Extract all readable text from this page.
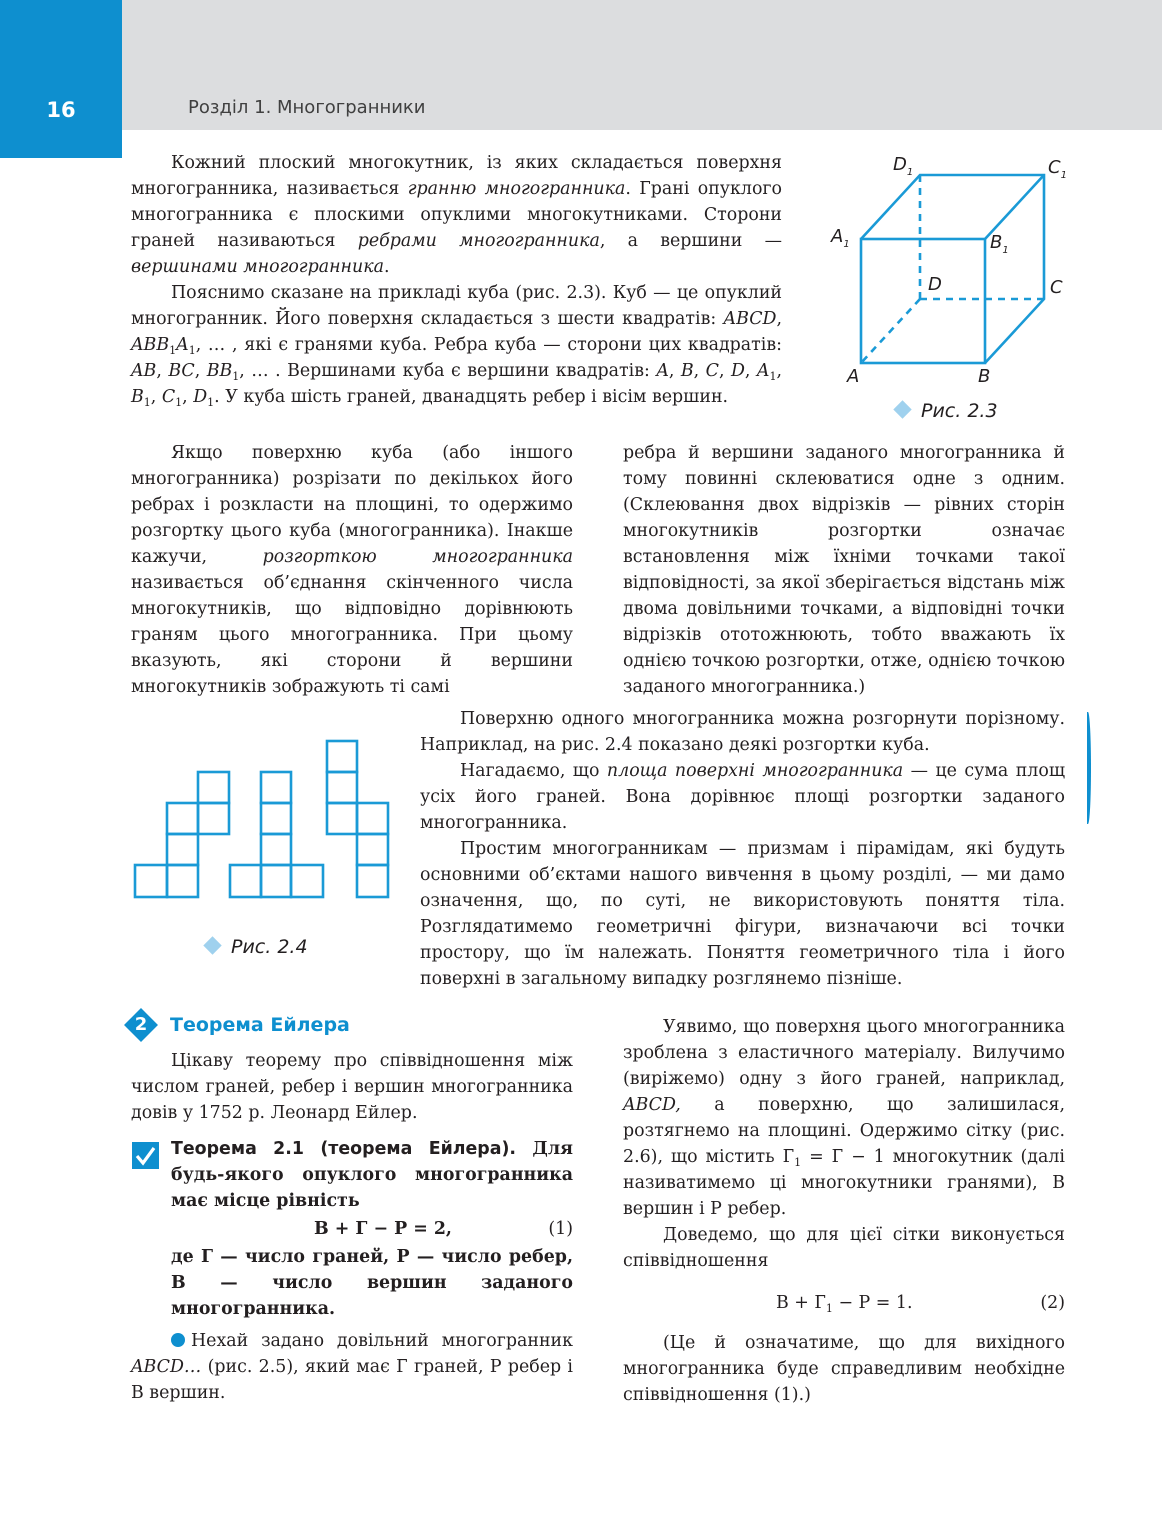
16	Розділ 1. Многогранники

Кожний плоский многокутник, із яких складається поверхня многогранника, називається гранню многогранника. Грані опуклого многогранника є плоскими опуклими многокутниками. Сторони граней називаються ребрами многогранника, а вершини — вершинами многогранника.

Пояснимо сказане на прикладі куба (рис. 2.3). Куб — це опуклий многогранник. Його поверхня складається з шести квадратів: ABCD, $ABB_1A_1$, … , які є гранями куба. Ребра куба — сторони цих квадратів: AB, BC, $BB_1$, … . Вершинами куба є вершини квадратів: A, B, C, D, $A_1$, $B_1$, $C_1$, $D_1$. У куба шість граней, дванадцять ребер і вісім вершин.

$D_1$	$C_1$
$A_1$	$B_1$
D	C
A	B
Рис. 2.3

Якщо поверхню куба (або іншого многогранника) розрізати по декількох його ребрах і розкласти на площині, то одержимо розгортку цього куба (многогранника). Інакше кажучи, розгорткою многогранника називається об’єднання скінченного числа многокутників, що відповідно дорівнюють граням цього многогранника. При цьому вказують, які сторони й вершини многокутників зображують ті самі

ребра й вершини заданого многогранника й тому повинні склеюватися одне з одним. (Склеювання двох відрізків — рівних сторін многокутників розгортки означає встановлення між їхніми точками такої відповідності, за якої зберігається відстань між двома довільними точками, а відповідні точки відрізків ототожнюють, тобто вважають їх однією точкою розгортки, отже, однією точкою заданого многогранника.)

Рис. 2.4

Поверхню одного многогранника можна розгорнути порізному. Наприклад, на рис. 2.4 показано деякі розгортки куба.

Нагадаємо, що площа поверхні многогранника — це сума площ усіх його граней. Вона дорівнює площі розгортки заданого многогранника.

Простим многогранникам — призмам і пірамідам, які будуть основними об’єктами нашого вивчення в цьому розділі, — ми дамо означення, що, по суті, не використовують поняття тіла. Розглядатимемо геометричні фігури, визначаючи всі точки простору, що їм належать. Поняття геометричного тіла і його поверхні в загальному випадку розглянемо пізніше.

2	Теорема Ейлера

Цікаву теорему про співвідношення між числом граней, ребер і вершин многогранника довів у 1752 р. Леонард Ейлер.

Теорема 2.1 (теорема Ейлера). Для будь-якого опуклого многогранника має місце рівність

В + Г − Р = 2,	(1)

де Г — число граней, Р — число ребер, В — число вершин заданого многогранника.

Нехай задано довільний многогранник ABCD… (рис. 2.5), який має Г граней, Р ребер і В вершин.

Уявимо, що поверхня цього многогранника зроблена з еластичного матеріалу. Вилучимо (виріжемо) одну з його граней, наприклад, ABCD, а поверхню, що залишилася, розтягнемо на площині. Одержимо сітку (рис. 2.6), що містить $Г_1 = Г - 1$ многокутник (далі називатимемо ці многокутники гранями), В вершин і Р ребер.

Доведемо, що для цієї сітки виконується співвідношення

$В + Г_1 - Р = 1$.	(2)

(Це й означатиме, що для вихідного многогранника буде справедливим необхідне співвідношення (1).)
